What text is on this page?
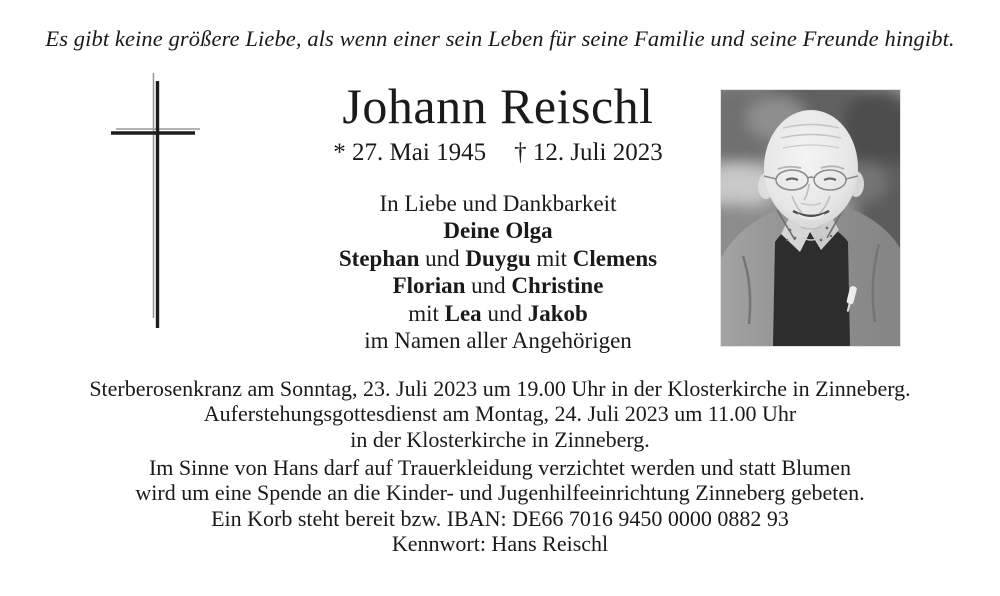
Es gibt keine größere Liebe, als wenn einer sein Leben für seine Familie und seine Freunde hingibt.
Johann Reischl
* 27. Mai 1945 † 12. Juli 2023
In Liebe und Dankbarkeit
Deine Olga
Stephan und Duygu mit Clemens
Florian und Christine
mit Lea und Jakob
im Namen aller Angehörigen
Sterberosenkranz am Sonntag, 23. Juli 2023 um 19.00 Uhr in der Klosterkirche in Zinneberg.
Auferstehungsgottesdienst am Montag, 24. Juli 2023 um 11.00 Uhr
in der Klosterkirche in Zinneberg.
Im Sinne von Hans darf auf Trauerkleidung verzichtet werden und statt Blumen
wird um eine Spende an die Kinder- und Jugenhilfeeinrichtung Zinneberg gebeten.
Ein Korb steht bereit bzw. IBAN: DE66 7016 9450 0000 0882 93
Kennwort: Hans Reischl
